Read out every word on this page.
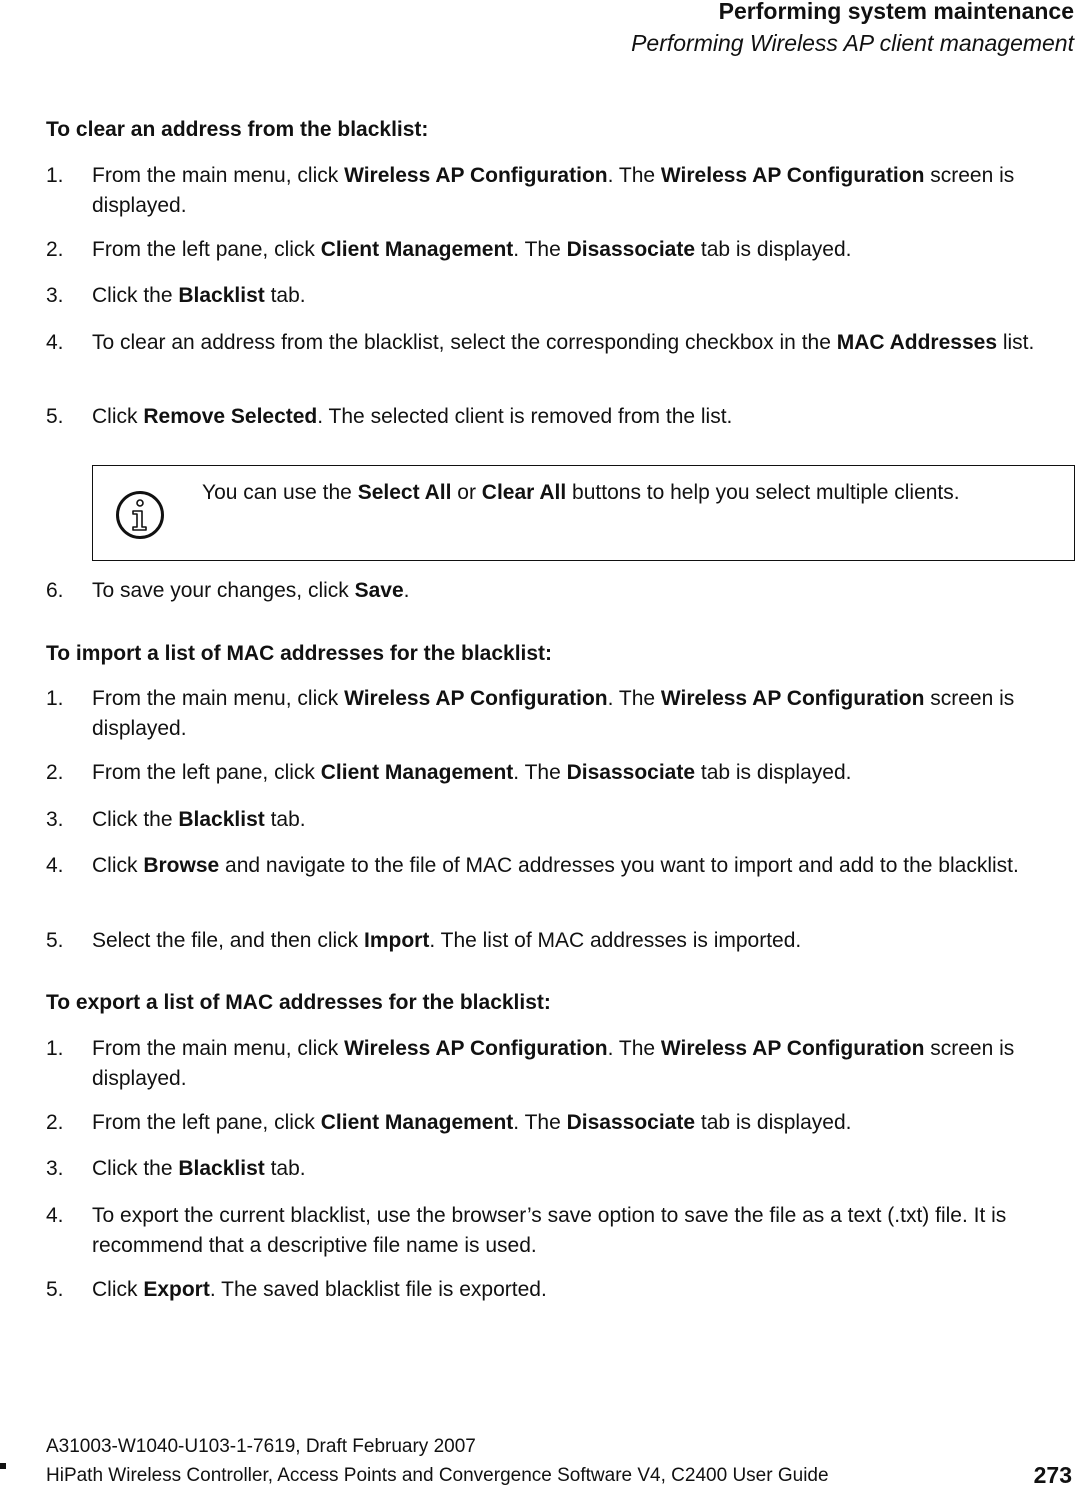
Performing system maintenance
Performing Wireless AP client management
To clear an address from the blacklist:
1. From the main menu, click Wireless AP Configuration. The Wireless AP Configuration screen is displayed.
2. From the left pane, click Client Management. The Disassociate tab is displayed.
3. Click the Blacklist tab.
4. To clear an address from the blacklist, select the corresponding checkbox in the MAC Addresses list.
5. Click Remove Selected. The selected client is removed from the list.
You can use the Select All or Clear All buttons to help you select multiple clients.
6. To save your changes, click Save.
To import a list of MAC addresses for the blacklist:
1. From the main menu, click Wireless AP Configuration. The Wireless AP Configuration screen is displayed.
2. From the left pane, click Client Management. The Disassociate tab is displayed.
3. Click the Blacklist tab.
4. Click Browse and navigate to the file of MAC addresses you want to import and add to the blacklist.
5. Select the file, and then click Import. The list of MAC addresses is imported.
To export a list of MAC addresses for the blacklist:
1. From the main menu, click Wireless AP Configuration. The Wireless AP Configuration screen is displayed.
2. From the left pane, click Client Management. The Disassociate tab is displayed.
3. Click the Blacklist tab.
4. To export the current blacklist, use the browser’s save option to save the file as a text (.txt) file. It is recommend that a descriptive file name is used.
5. Click Export. The saved blacklist file is exported.
A31003-W1040-U103-1-7619, Draft February 2007
HiPath Wireless Controller, Access Points and Convergence Software V4, C2400 User Guide	273
